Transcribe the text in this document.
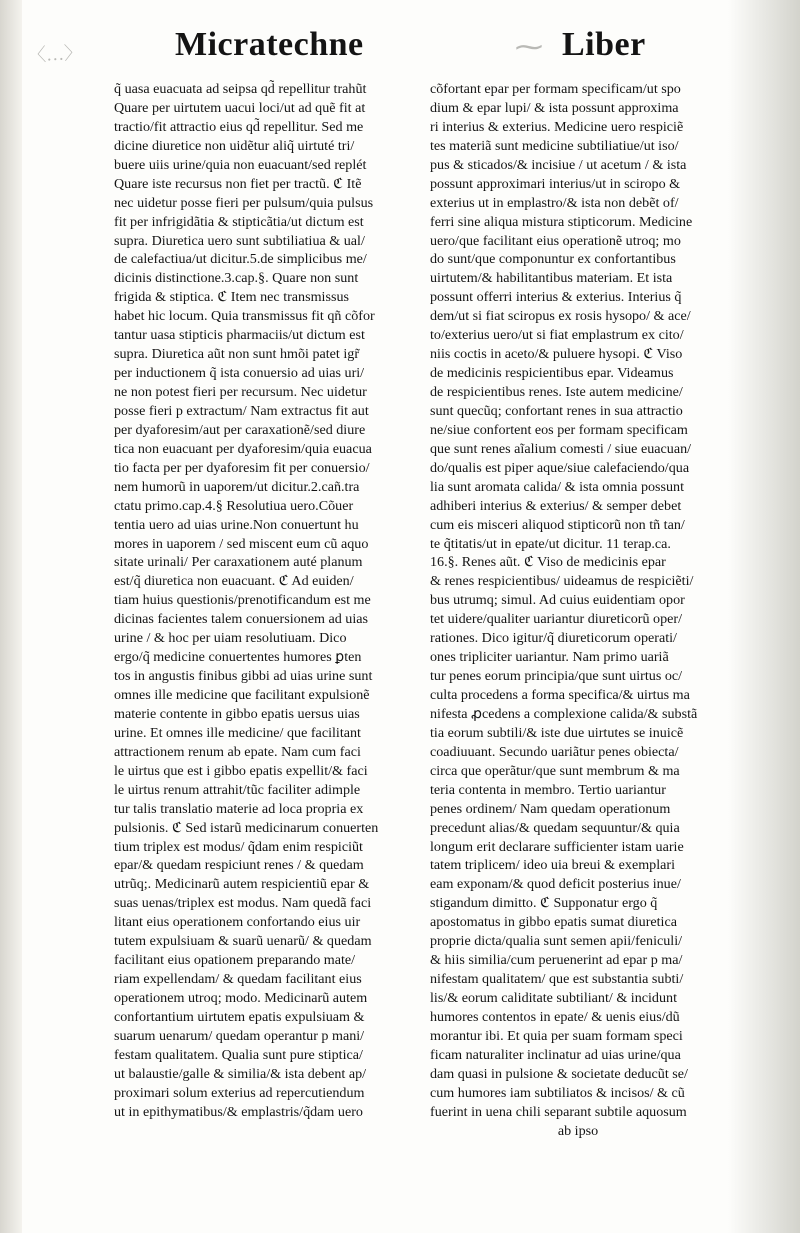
〈…〉	⁓
Micratechne	Liber
q̃ uasa euacuata ad seipsa qd̃ repellitur trahũt
Quare per uirtutem uacui loci/ut ad quẽ fit at
tractio/fit attractio eius qd̃ repellitur. Sed me
dicine diuretice non uidẽtur aliq̃ uirtuté tri/
buere uiis urine/quia non euacuant/sed replét
Quare iste recursus non fiet per tractũ. ℭ Itẽ
nec uidetur posse fieri per pulsum/quia pulsus
fit per infrigidãtia & stipticãtia/ut dictum est
supra. Diuretica uero sunt subtiliatiua & ual/
de calefactiua/ut dicitur.5.de simplicibus me/
dicinis distinctione.3.cap.§. Quare non sunt
frigida & stiptica. ℭ Item nec transmissus
habet hic locum. Quia transmissus fit qñ cõfor
tantur uasa stipticis pharmaciis/ut dictum est
supra. Diuretica aũt non sunt hmõi patet igr̃
per inductionem q̃ ista conuersio ad uias uri/
ne non potest fieri per recursum. Nec uidetur
posse fieri p extractum/ Nam extractus fit aut
per dyaforesim/aut per caraxationẽ/sed diure
tica non euacuant per dyaforesim/quia euacua
tio facta per per dyaforesim fit per conuersio/
nem humorũ in uaporem/ut dicitur.2.cañ.tra
ctatu primo.cap.4.§ Resolutiua uero.Cõuer
tentia uero ad uias urine.Non conuertunt hu
mores in uaporem / sed miscent eum cũ aquo
sitate urinali/ Per caraxationem auté planum
est/q̃ diuretica non euacuant. ℭ Ad euiden/
tiam huius questionis/prenotificandum est me
dicinas facientes talem conuersionem ad uias
urine / & hoc per uiam resolutiuam. Dico
ergo/q̃ medicine conuertentes humores ꝑten
tos in angustis finibus gibbi ad uias urine sunt
omnes ille medicine que facilitant expulsionẽ
materie contente in gibbo epatis uersus uias
urine. Et omnes ille medicine/ que facilitant
attractionem renum ab epate. Nam cum faci
le uirtus que est i gibbo epatis expellit/& faci
le uirtus renum attrahit/tũc faciliter adimple
tur talis translatio materie ad loca propria ex
pulsionis. ℭ Sed istarũ medicinarum conuerten
tium triplex est modus/ q̃dam enim respiciũt
epar/& quedam respiciunt renes / & quedam
utrũq;. Medicinarũ autem respicientiũ epar &
suas uenas/triplex est modus. Nam quedã faci
litant eius operationem confortando eius uir
tutem expulsiuam & suarũ uenarũ/ & quedam
facilitant eius opationem preparando mate/
riam expellendam/ & quedam facilitant eius
operationem utroq; modo. Medicinarũ autem
confortantium uirtutem epatis expulsiuam &
suarum uenarum/ quedam operantur p mani/
festam qualitatem. Qualia sunt pure stiptica/
ut balaustie/galle & similia/& ista debent ap/
proximari solum exterius ad repercutiendum
ut in epithymatibus/& emplastris/q̃dam uero
cõfortant epar per formam specificam/ut spo
dium & epar lupi/ & ista possunt approxima
ri interius & exterius. Medicine uero respiciẽ
tes materiã sunt medicine subtiliatiue/ut iso/
pus & sticados/& incisiue / ut acetum / & ista
possunt approximari interius/ut in sciropo &
exterius ut in emplastro/& ista non debẽt of/
ferri sine aliqua mistura stipticorum. Medicine
uero/que facilitant eius operationẽ utroq; mo
do sunt/que componuntur ex confortantibus
uirtutem/& habilitantibus materiam. Et ista
possunt offerri interius & exterius. Interius q̃
dem/ut si fiat sciropus ex rosis hysopo/ & ace/
to/exterius uero/ut si fiat emplastrum ex cito/
niis coctis in aceto/& puluere hysopi. ℭ Viso
de medicinis respicientibus epar. Videamus
de respicientibus renes. Iste autem medicine/
sunt quecũq; confortant renes in sua attractio
ne/siue confortent eos per formam specificam
que sunt renes aĩalium comesti / siue euacuan/
do/qualis est piper aque/siue calefaciendo/qua
lia sunt aromata calida/ & ista omnia possunt
adhiberi interius & exterius/ & semper debet
cum eis misceri aliquod stipticorũ non tñ tan/
te q̃titatis/ut in epate/ut dicitur. 11 terap.ca.
16.§. Renes aũt. ℭ Viso de medicinis epar
& renes respicientibus/ uideamus de respiciẽti/
bus utrumq; simul. Ad cuius euidentiam opor
tet uidere/qualiter uariantur diureticorũ oper/
rationes. Dico igitur/q̃ diureticorum operati/
ones tripliciter uariantur. Nam primo uariã
tur penes eorum principia/que sunt uirtus oc/
culta procedens a forma specifica/& uirtus ma
nifesta ꝓcedens a complexione calida/& substã
tia eorum subtili/& iste due uirtutes se inuicẽ
coadiuuant. Secundo uariãtur penes obiecta/
circa que operãtur/que sunt membrum & ma
teria contenta in membro. Tertio uariantur
penes ordinem/ Nam quedam operationum
precedunt alias/& quedam sequuntur/& quia
longum erit declarare sufficienter istam uarie
tatem triplicem/ ideo uia breui & exemplari
eam exponam/& quod deficit posterius inue/
stigandum dimitto. ℭ Supponatur ergo q̃
apostomatus in gibbo epatis sumat diuretica
proprie dicta/qualia sunt semen apii/feniculi/
& hiis similia/cum peruenerint ad epar p ma/
nifestam qualitatem/ que est substantia subti/
lis/& eorum caliditate subtiliant/ & incidunt
humores contentos in epate/ & uenis eius/dũ
morantur ibi. Et quia per suam formam speci
ficam naturaliter inclinatur ad uias urine/qua
dam quasi in pulsione & societate deducũt se/
cum humores iam subtiliatos & incisos/ & cũ
fuerint in uena chili separant subtile aquosum
ab ipso
